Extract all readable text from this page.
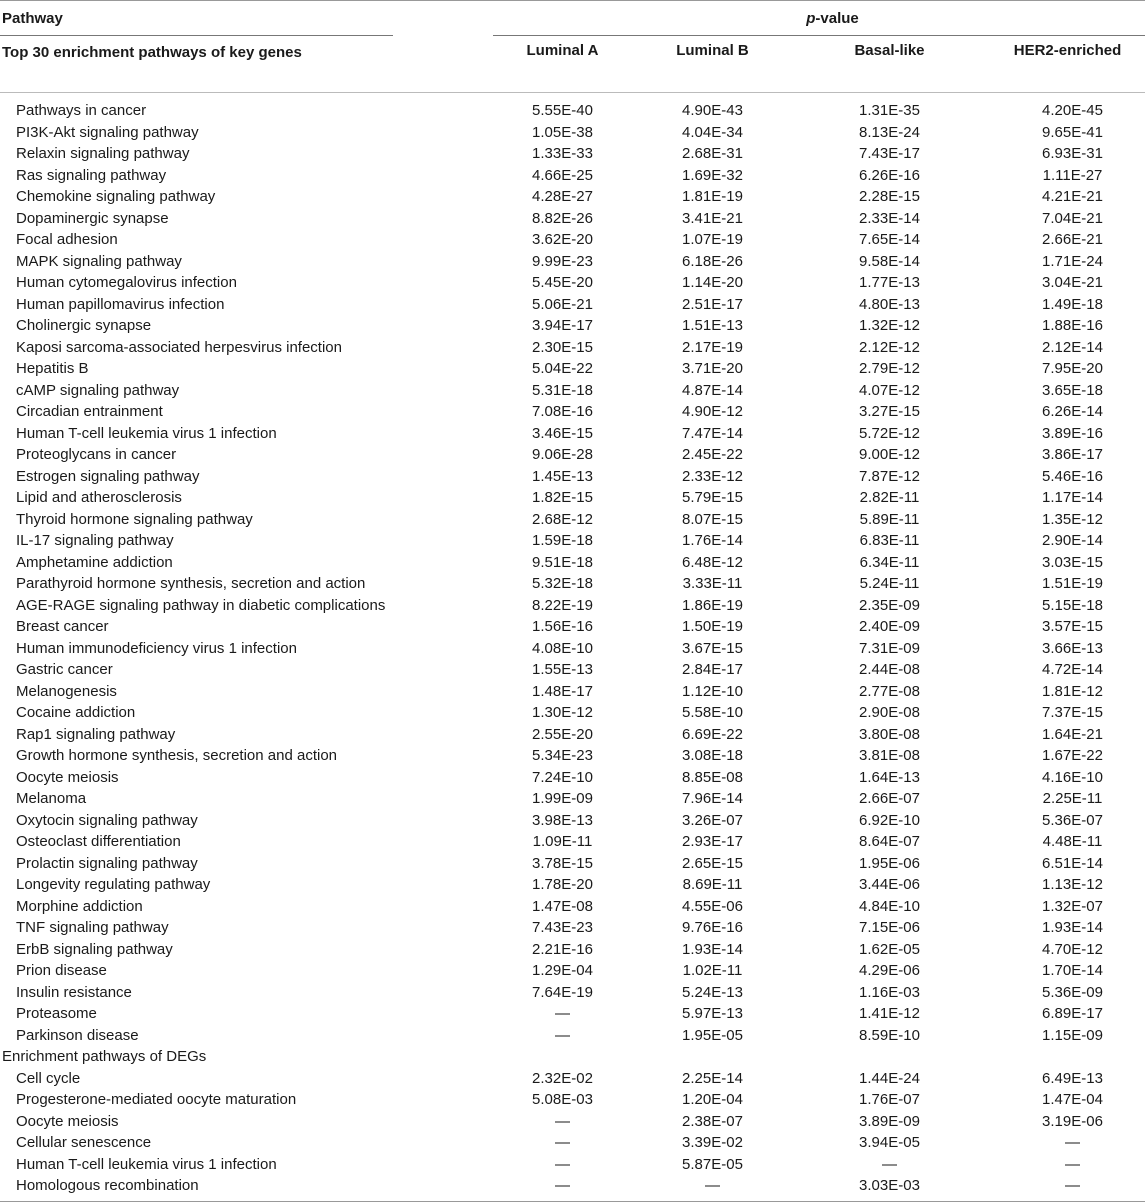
Pathway	p-value
Top 30 enrichment pathways of key genes	Luminal A	Luminal B	Basal-like	HER2-enriched
Pathways in cancer	5.55E-40	4.90E-43	1.31E-35	4.20E-45
PI3K-Akt signaling pathway	1.05E-38	4.04E-34	8.13E-24	9.65E-41
Relaxin signaling pathway	1.33E-33	2.68E-31	7.43E-17	6.93E-31
Ras signaling pathway	4.66E-25	1.69E-32	6.26E-16	1.11E-27
Chemokine signaling pathway	4.28E-27	1.81E-19	2.28E-15	4.21E-21
Dopaminergic synapse	8.82E-26	3.41E-21	2.33E-14	7.04E-21
Focal adhesion	3.62E-20	1.07E-19	7.65E-14	2.66E-21
MAPK signaling pathway	9.99E-23	6.18E-26	9.58E-14	1.71E-24
Human cytomegalovirus infection	5.45E-20	1.14E-20	1.77E-13	3.04E-21
Human papillomavirus infection	5.06E-21	2.51E-17	4.80E-13	1.49E-18
Cholinergic synapse	3.94E-17	1.51E-13	1.32E-12	1.88E-16
Kaposi sarcoma-associated herpesvirus infection	2.30E-15	2.17E-19	2.12E-12	2.12E-14
Hepatitis B	5.04E-22	3.71E-20	2.79E-12	7.95E-20
cAMP signaling pathway	5.31E-18	4.87E-14	4.07E-12	3.65E-18
Circadian entrainment	7.08E-16	4.90E-12	3.27E-15	6.26E-14
Human T-cell leukemia virus 1 infection	3.46E-15	7.47E-14	5.72E-12	3.89E-16
Proteoglycans in cancer	9.06E-28	2.45E-22	9.00E-12	3.86E-17
Estrogen signaling pathway	1.45E-13	2.33E-12	7.87E-12	5.46E-16
Lipid and atherosclerosis	1.82E-15	5.79E-15	2.82E-11	1.17E-14
Thyroid hormone signaling pathway	2.68E-12	8.07E-15	5.89E-11	1.35E-12
IL-17 signaling pathway	1.59E-18	1.76E-14	6.83E-11	2.90E-14
Amphetamine addiction	9.51E-18	6.48E-12	6.34E-11	3.03E-15
Parathyroid hormone synthesis, secretion and action	5.32E-18	3.33E-11	5.24E-11	1.51E-19
AGE-RAGE signaling pathway in diabetic complications	8.22E-19	1.86E-19	2.35E-09	5.15E-18
Breast cancer	1.56E-16	1.50E-19	2.40E-09	3.57E-15
Human immunodeficiency virus 1 infection	4.08E-10	3.67E-15	7.31E-09	3.66E-13
Gastric cancer	1.55E-13	2.84E-17	2.44E-08	4.72E-14
Melanogenesis	1.48E-17	1.12E-10	2.77E-08	1.81E-12
Cocaine addiction	1.30E-12	5.58E-10	2.90E-08	7.37E-15
Rap1 signaling pathway	2.55E-20	6.69E-22	3.80E-08	1.64E-21
Growth hormone synthesis, secretion and action	5.34E-23	3.08E-18	3.81E-08	1.67E-22
Oocyte meiosis	7.24E-10	8.85E-08	1.64E-13	4.16E-10
Melanoma	1.99E-09	7.96E-14	2.66E-07	2.25E-11
Oxytocin signaling pathway	3.98E-13	3.26E-07	6.92E-10	5.36E-07
Osteoclast differentiation	1.09E-11	2.93E-17	8.64E-07	4.48E-11
Prolactin signaling pathway	3.78E-15	2.65E-15	1.95E-06	6.51E-14
Longevity regulating pathway	1.78E-20	8.69E-11	3.44E-06	1.13E-12
Morphine addiction	1.47E-08	4.55E-06	4.84E-10	1.32E-07
TNF signaling pathway	7.43E-23	9.76E-16	7.15E-06	1.93E-14
ErbB signaling pathway	2.21E-16	1.93E-14	1.62E-05	4.70E-12
Prion disease	1.29E-04	1.02E-11	4.29E-06	1.70E-14
Insulin resistance	7.64E-19	5.24E-13	1.16E-03	5.36E-09
Proteasome	—	5.97E-13	1.41E-12	6.89E-17
Parkinson disease	—	1.95E-05	8.59E-10	1.15E-09
Enrichment pathways of DEGs
Cell cycle	2.32E-02	2.25E-14	1.44E-24	6.49E-13
Progesterone-mediated oocyte maturation	5.08E-03	1.20E-04	1.76E-07	1.47E-04
Oocyte meiosis	—	2.38E-07	3.89E-09	3.19E-06
Cellular senescence	—	3.39E-02	3.94E-05	—
Human T-cell leukemia virus 1 infection	—	5.87E-05	—	—
Homologous recombination	—	—	3.03E-03	—
